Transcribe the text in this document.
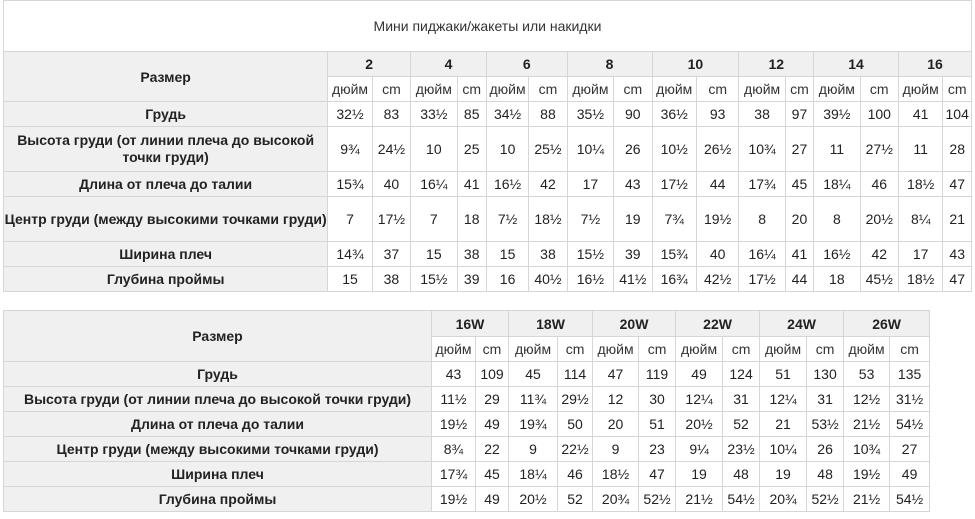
Мини пиджаки/жакеты или накидки																
Размер	2		4		6		8		10		12		14		16	
	дюйм	cm	дюйм	cm	дюйм	cm	дюйм	cm	дюйм	cm	дюйм	cm	дюйм	cm	дюйм	cm
Грудь	32½	83	33½	85	34½	88	35½	90	36½	93	38	97	39½	100	41	104
Высота груди (от линии плеча до высокой точки груди)	9¾	24½	10	25	10	25½	10¼	26	10½	26½	10¾	27	11	27½	11	28
Длина от плеча до талии	15¾	40	16¼	41	16½	42	17	43	17½	44	17¾	45	18¼	46	18½	47
Центр груди (между высокими точками груди)	7	17½	7	18	7½	18½	7½	19	7¾	19½	8	20	8	20½	8¼	21
Ширина плеч	14¾	37	15	38	15	38	15½	39	15¾	40	16¼	41	16½	42	17	43
Глубина проймы	15	38	15½	39	16	40½	16½	41½	16¾	42½	17½	44	18	45½	18½	47
Размер	16W		18W		20W		22W		24W		26W	
	дюйм	cm	дюйм	cm	дюйм	cm	дюйм	cm	дюйм	cm	дюйм	cm
Грудь	43	109	45	114	47	119	49	124	51	130	53	135
Высота груди (от линии плеча до высокой точки груди)	11½	29	11¾	29½	12	30	12¼	31	12¼	31	12½	31½
Длина от плеча до талии	19½	49	19¾	50	20	51	20½	52	21	53½	21½	54½
Центр груди (между высокими точками груди)	8¾	22	9	22½	9	23	9¼	23½	10¼	26	10¾	27
Ширина плеч	17¾	45	18¼	46	18½	47	19	48	19	48	19½	49
Глубина проймы	19½	49	20½	52	20¾	52½	21½	54½	20¾	52½	21½	54½
